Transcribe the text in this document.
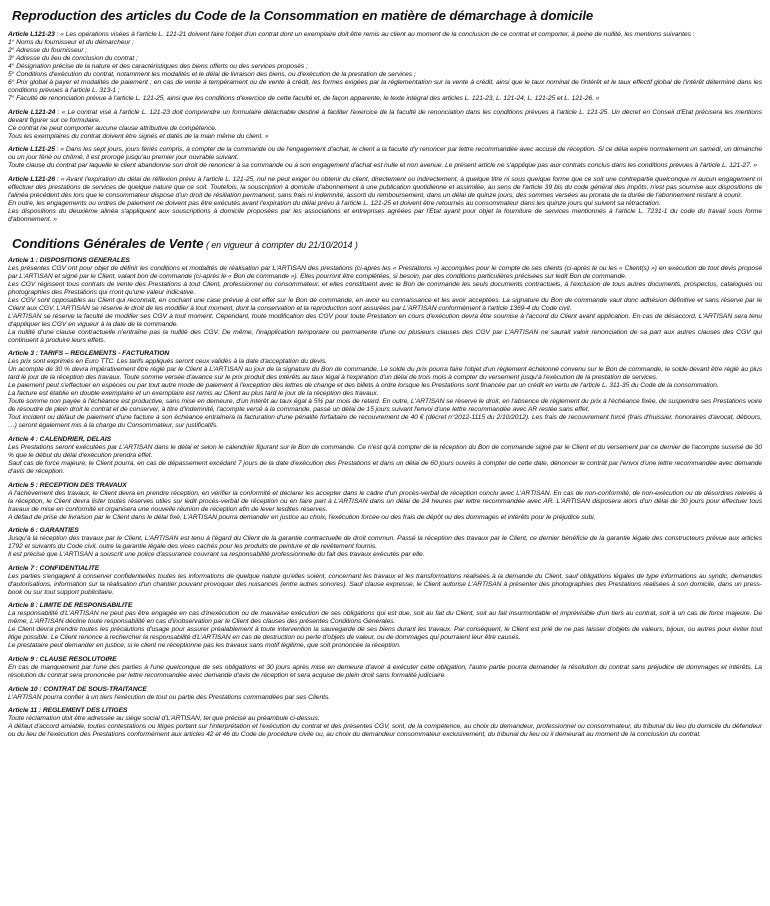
Reproduction des articles du Code de la Consommation en matière de démarchage à domicile

Article L121-23 : « Les opérations visées à l'article L. 121-21 doivent faire l'objet d'un contrat dont un exemplaire doit être remis au client au moment de la conclusion de ce contrat et comporter, à peine de nullité, les mentions suivantes :

1° Noms du fournisseur et du démarcheur ;

2° Adresse du fournisseur ;

3° Adresse du lieu de conclusion du contrat ;

4° Désignation précise de la nature et des caractéristiques des biens offerts ou des services proposés ;

5° Conditions d'exécution du contrat, notamment les modalités et le délai de livraison des biens, ou d'exécution de la prestation de services ;

6° Prix global à payer et modalités de paiement ; en cas de vente à tempérament ou de vente à crédit, les formes exigées par la réglementation sur la vente à crédit, ainsi que le taux nominal de l'intérêt et le taux effectif global de l'intérêt déterminé dans les conditions prévues à l'article L. 313-1 ;

7° Faculté de renonciation prévue à l'article L. 121-25, ainsi que les conditions d'exercice de cette faculté et, de façon apparente, le texte intégral des articles L. 121-23, L. 121-24, L. 121-25 et L. 121-26. »

Article L121-24 : « Le contrat visé à l'article L. 121-23 doit comprendre un formulaire détachable destiné à faciliter l'exercice de la faculté de renonciation dans les conditions prévues à l'article L. 121-25. Un décret en Conseil d'Etat précisera les mentions devant figurer sur ce formulaire.

Ce contrat ne peut comporter aucune clause attributive de compétence.

Tous les exemplaires du contrat doivent être signés et datés de la main même du client. »

Article L121-25 : « Dans les sept jours, jours fériés compris, à compter de la commande ou de l'engagement d'achat, le client a la faculté d'y renoncer par lettre recommandée avec accusé de réception. Si ce délai expire normalement un samedi, un dimanche ou un jour férié ou chômé, il est prorogé jusqu'au premier jour ouvrable suivant.

Toute clause du contrat par laquelle le client abandonne son droit de renoncer à sa commande ou à son engagement d'achat est nulle et non avenue. Le présent article ne s'applique pas aux contrats conclus dans les conditions prévues à l'article L. 121-27. »

Article L121-26 : « Avant l'expiration du délai de réflexion prévu à l'article L. 121-25, nul ne peut exiger ou obtenir du client, directement ou indirectement, à quelque titre ni sous quelque forme que ce soit une contrepartie quelconque ni aucun engagement ni effectuer des prestations de services de quelque nature que ce soit. Toutefois, la souscription à domicile d'abonnement à une publication quotidienne et assimilée, au sens de l'article 39 bis du code général des impôts, n'est pas soumise aux dispositions de l'alinéa précédent dès lors que le consommateur dispose d'un droit de résiliation permanent, sans frais ni indemnité, assorti du remboursement, dans un délai de quinze jours, des sommes versées au prorata de la durée de l'abonnement restant à courir.

En outre, les engagements ou ordres de paiement ne doivent pas être exécutés avant l'expiration du délai prévu à l'article L. 121-25 et doivent être retournés au consommateur dans les quinze jours qui suivent sa rétractation.

Les dispositions du deuxième alinéa s'appliquent aux souscriptions à domicile proposées par les associations et entreprises agréées par l'Etat ayant pour objet la fourniture de services mentionnés à l'article L. 7231-1 du code du travail sous forme d'abonnement. »

Conditions Générales de Vente ( en vigueur à compter du 21/10/2014 )
Article 1 : DISPOSITIONS GENERALES

Les présentes CGV ont pour objet de définir les conditions et modalités de réalisation par L'ARTISAN des prestations (ci-après les « Prestations ») accomplies pour le compte de ses clients (ci-après le ou les « Client(s) ») en exécution de tout devis proposé par L'ARTISAN et signé par le Client, valant bon de commande (ci-après le « Bon de commande »). Elles pourront être complétées, si besoin, par des conditions particulières précisées sur ledit Bon de commande.

Les CGV régissent tous contrats de vente des Prestations à tout Client, professionnel ou consommateur, et elles constituent avec le Bon de commande les seuls documents contractuels, à l'exclusion de tous autres documents, prospectus, catalogues ou photographies des Prestations qui n'ont qu'une valeur indicative.

Les CGV sont opposables au Client qui reconnaît, en cochant une case prévue à cet effet sur le Bon de commande, en avoir eu connaissance et les avoir acceptées. La signature du Bon de commande vaut donc adhésion définitive et sans réserve par le Client aux CGV. L'ARTISAN se réserve le droit de les modifier à tout moment, dont la conservation et la reproduction sont assurées par L'ARTISAN conformément à l'article 1369-4 du Code civil.

L'ARTISAN se réserve la faculté de modifier ses CGV à tout moment. Cependant, toute modification des CGV pour toute Prestation en cours d'exécution devra être soumise à l'accord du Client avant application. En cas de désaccord, L'ARTISAN sera tenu d'appliquer les CGV en vigueur à la date de la commande.

La nullité d'une clause contractuelle n'entraîne pas la nullité des CGV. De même, l'inapplication temporaire ou permanente d'une ou plusieurs clauses des CGV par L'ARTISAN ne saurait valoir renonciation de sa part aux autres clauses des CGV qui continuent à produire leurs effets.

Article 3 : TARIFS – REGLEMENTS - FACTURATION

Les prix sont exprimés en Euro TTC. Les tarifs appliqués seront ceux validés à la date d'acceptation du devis.

Un acompte de 30 % devra impérativement être réglé par le Client à L'ARTISAN au jour de la signature du Bon de commande. Le solde du prix pourra faire l'objet d'un règlement échelonné convenu sur le Bon de commande, le solde devant être réglé au plus tard le jour de la réception des travaux. Toute somme versée d'avance sur le prix produit des intérêts au taux légal à l'expiration d'un délai de trois mois à compter du versement jusqu'à l'exécution de la prestation de services.

Le paiement peut s'effectuer en espèces ou par tout autre mode de paiement à l'exception des lettres de change et des billets à ordre lorsque les Prestations sont financée par un crédit en vertu de l'article L. 311-35 du Code de la consommation.

La facture est établie en double exemplaire et un exemplaire est remis au Client au plus tard le jour de la réception des travaux.

Toute somme non payée à l'échéance est productive, sans mise en demeure, d'un intérêt au taux égal à 5% par mois de retard. En outre, L'ARTISAN se réserve le droit, en l'absence de règlement du prix à l'échéance fixée, de suspendre ses Prestations voire de résoudre de plein droit le contrat et de conserver, à titre d'indemnité, l'acompte versé à la commande, passé un délai de 15 jours suivant l'envoi d'une lettre recommandée avec AR restée sans effet.

Tout incident ou défaut de paiement d'une facture à son échéance entraînera la facturation d'une pénalité forfaitaire de recouvrement de 40 € (décret n°2012-1115 du 2/10/2012). Les frais de recouvrement forcé (frais d'huissier, honoraires d'avocat, débours, …) seront également mis à la charge du Consommateur, sur justificatifs.

Article 4 : CALENDRIER, DELAIS

Les Prestations seront exécutées par L'ARTISAN dans le délai et selon le calendrier figurant sur le Bon de commande. Ce n'est qu'à compter de la réception du Bon de commande signé par le Client et du versement par ce dernier de l'acompte susvisé de 30 % que le début du délai d'exécution prendra effet.

Sauf cas de force majeure, le Client pourra, en cas de dépassement excédant 7 jours de la date d'exécution des Prestations et dans un délai de 60 jours ouvrés à compter de cette date, dénoncer le contrat par l'envoi d'une lettre recommandée avec demande d'avis de réception.

Article 5 : RECEPTION DES TRAVAUX

A l'achèvement des travaux, le Client devra en prendre réception, en vérifier la conformité et déclarer les accepter dans le cadre d'un procès-verbal de réception conclu avec L'ARTISAN. En cas de non-conformité, de non-exécution ou de désordres relevés à la réception, le Client devra lister toutes réserves utiles sur ledit procès-verbal de réception ou en faire part à L'ARTISAN dans un délai de 24 heures par lettre recommandée avec AR. L'ARTISAN disposera alors d'un délai de 30 jours pour effectuer tous travaux de mise en conformité et organisera une nouvelle réunion de réception afin de lever lesdites réserves.

A défaut de prise de livraison par le Client dans le délai fixé, L'ARTISAN pourra demander en justice au choix, l'exécution forcée ou des frais de dépôt ou des dommages et intérêts pour le préjudice subi.

Article 6 : GARANTIES

Jusqu'à la réception des travaux par le Client, L'ARTISAN est tenu à l'égard du Client de la garantie contractuelle de droit commun. Passé la réception des travaux par le Client, ce dernier bénéficie de la garantie légale des constructeurs prévue aux articles 1792 et suivants du Code civil, outre la garantie légale des vices cachés pour les produits de peinture et de revêtement fournis.

Il est précisé que L'ARTISAN a souscrit une police d'assurance couvrant sa responsabilité professionnelle du fait des travaux exécutés par elle.

Article 7 : CONFIDENTIALITE

Les parties s'engagent à conserver confidentielles toutes les informations de quelque nature qu'elles soient, concernant les travaux et les transformations réalisées à la demande du Client, sauf obligations légales de type informations au syndic, demandes d'autorisations, information sur la réalisation d'un chantier pouvant provoquer des nuisances (entre autres sonores). Sauf clause expresse, le Client autorise L'ARTISAN à présenter des photographies des Prestations réalisées à son domicile, dans un press-book ou sur tout support publicitaire.

Article 8 : LIMITE DE RESPONSABILITE

La responsabilité d'L'ARTISAN ne peut pas être engagée en cas d'inexécution ou de mauvaise exécution de ses obligations qui est due, soit au fait du Client, soit au fait insurmontable et imprévisible d'un tiers au contrat, soit à un cas de force majeure. De même, L'ARTISAN décline toute responsabilité en cas d'inobservation par le Client des clauses des présentes Conditions Générales.

Le Client devra prendre toutes les précautions d'usage pour assurer préalablement à toute intervention la sauvegarde de ses biens durant les travaux. Par conséquent, le Client est prié de ne pas laisser d'objets de valeurs, bijoux, ou autres pour éviter tout litige possible. Le Client renonce à rechercher la responsabilité d'L'ARTISAN en cas de destruction ou perte d'objets de valeur, ou de dommages qui pourraient leur être causés.

Le prestataire peut demander en justice, si le client ne réceptionne pas les travaux sans motif légitime, que soit prononcée la réception.

Article 9 : CLAUSE RESOLUTOIRE

En cas de manquement par l'une des parties à l'une quelconque de ses obligations et 30 jours après mise en demeure d'avoir à exécuter cette obligation, l'autre partie pourra demander la résolution du contrat sans préjudice de dommages et intérêts. La résolution du contrat sera prononcée par lettre recommandée avec demande d'avis de réception et sera acquise de plein droit sans formalité judiciaire.

Article 10 : CONTRAT DE SOUS-TRAITANCE

L'ARTISAN pourra confier à un tiers l'exécution de tout ou partie des Prestations commandées par ses Clients.

Article 11 : REGLEMENT DES LITIGES

Toute réclamation doit être adressée au siège social d'L'ARTISAN, tel que précisé au préambule ci-dessus.

A défaut d'accord amiable, toutes contestations ou litiges portant sur l'interprétation et l'exécution du contrat et des présentes CGV, sont, de la compétence, au choix du demandeur, professionnel ou consommateur, du tribunal du lieu du domicile du défendeur ou du lieu de l'exécution des Prestations conformément aux articles 42 et 46 du Code de procédure civile ou, au choix du demandeur consommateur exclusivement, du tribunal du lieu où il demeurait au moment de la conclusion du contrat.
